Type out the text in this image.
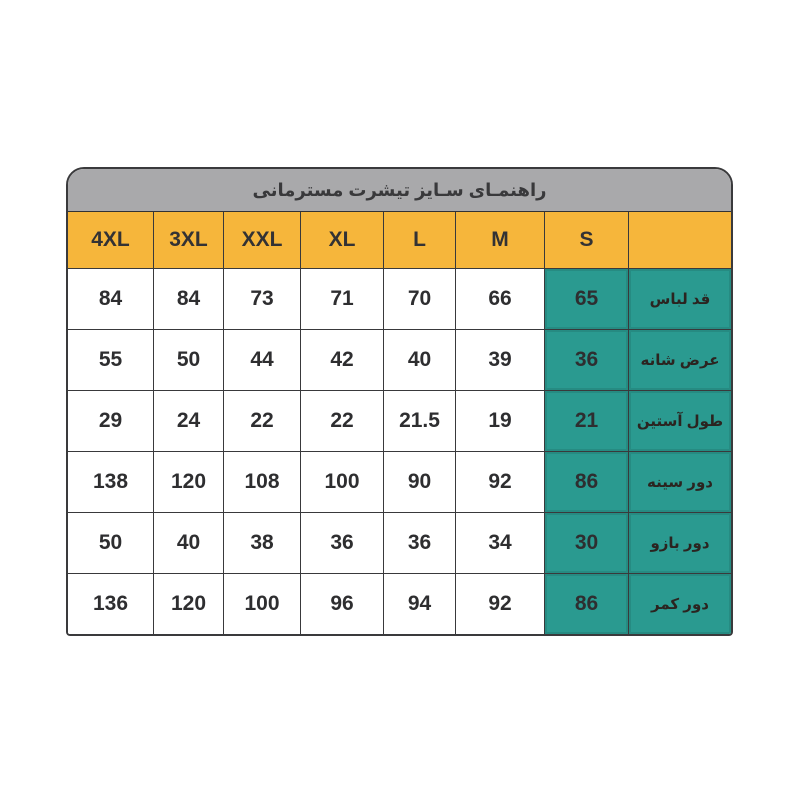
راهنمـای سـایز تیشرت مسترمانی
4XL	3XL	XXL	XL	L	M	S
84	84	73	71	70	66	65	قد لباس
55	50	44	42	40	39	36	عرض شانه
29	24	22	22	21.5	19	21	طول آستین
138	120	108	100	90	92	86	دور سینه
50	40	38	36	36	34	30	دور بازو
136	120	100	96	94	92	86	دور کمر
